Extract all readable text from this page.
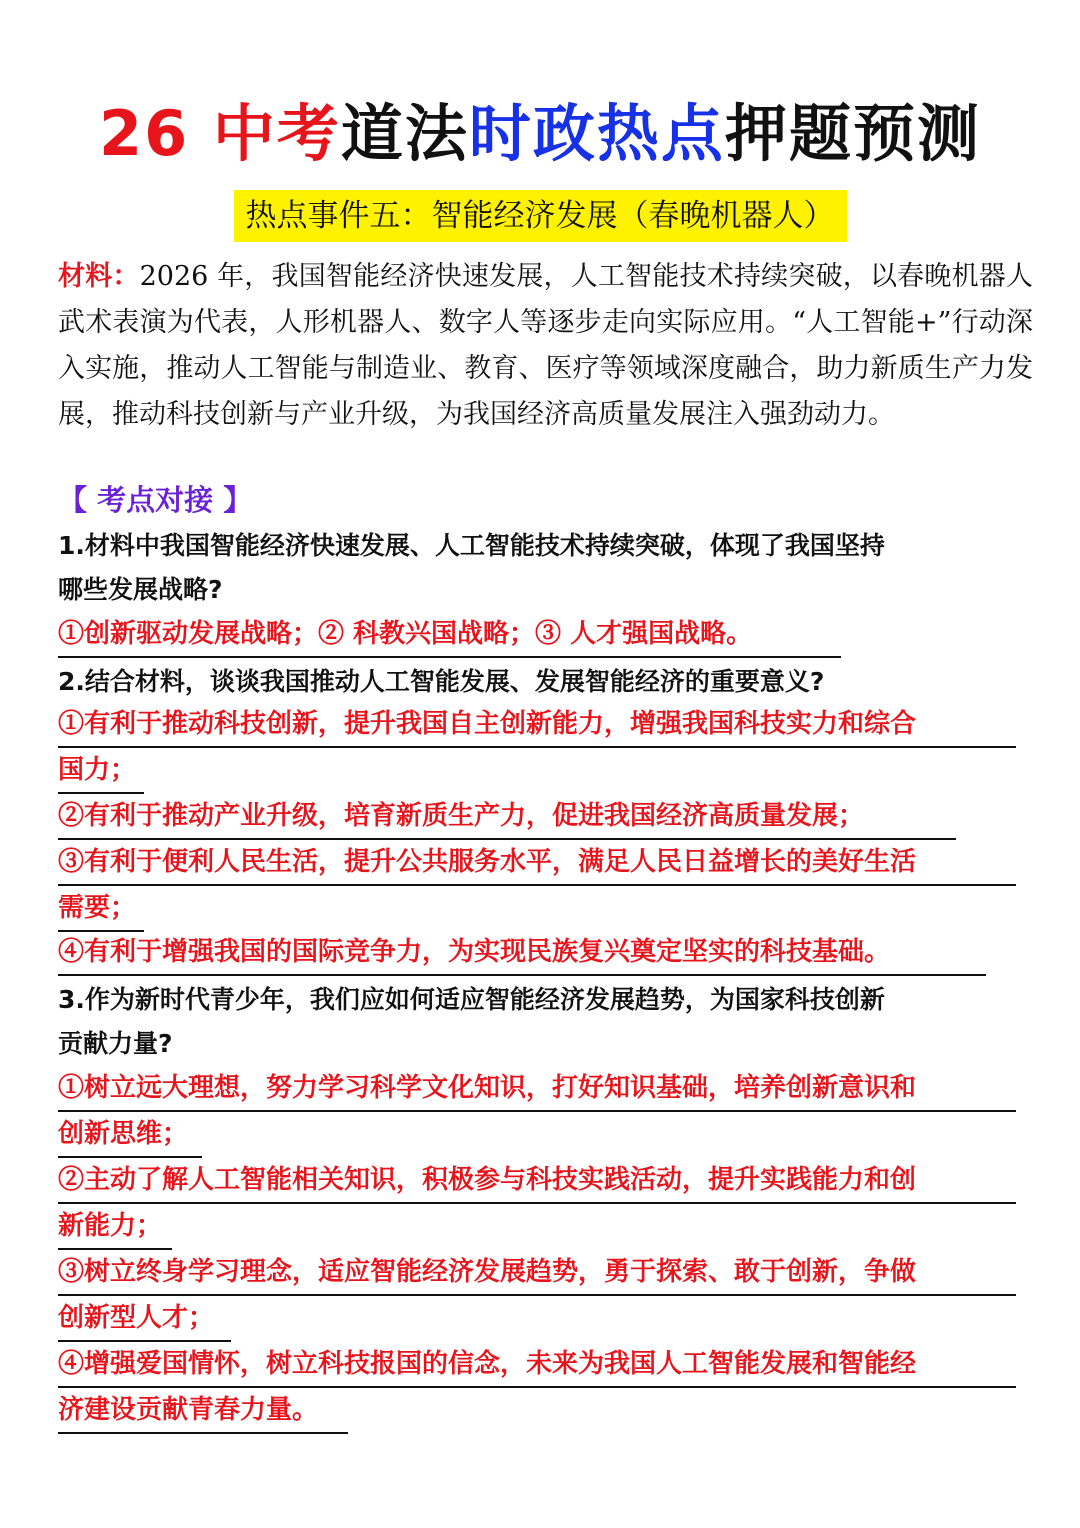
26 中考道法时政热点押题预测
热点事件五：智能经济发展（春晚机器人）
材料：2026 年，我国智能经济快速发展，人工智能技术持续突破，以春晚机器人武术表演为代表，人形机器人、数字人等逐步走向实际应用。“人工智能+”行动深入实施，推动人工智能与制造业、教育、医疗等领域深度融合，助力新质生产力发展，推动科技创新与产业升级，为我国经济高质量发展注入强劲动力。
【 考点对接 】
1.材料中我国智能经济快速发展、人工智能技术持续突破，体现了我国坚持
哪些发展战略?
①创新驱动发展战略；② 科教兴国战略；③ 人才强国战略。
2.结合材料，谈谈我国推动人工智能发展、发展智能经济的重要意义?
①有利于推动科技创新，提升我国自主创新能力，增强我国科技实力和综合
国力；
②有利于推动产业升级，培育新质生产力，促进我国经济高质量发展；
③有利于便利人民生活，提升公共服务水平，满足人民日益增长的美好生活
需要；
④有利于增强我国的国际竞争力，为实现民族复兴奠定坚实的科技基础。
3.作为新时代青少年，我们应如何适应智能经济发展趋势，为国家科技创新
贡献力量?
①树立远大理想，努力学习科学文化知识，打好知识基础，培养创新意识和
创新思维；
②主动了解人工智能相关知识，积极参与科技实践活动，提升实践能力和创
新能力；
③树立终身学习理念，适应智能经济发展趋势，勇于探索、敢于创新，争做
创新型人才；
④增强爱国情怀，树立科技报国的信念，未来为我国人工智能发展和智能经
济建设贡献青春力量。
